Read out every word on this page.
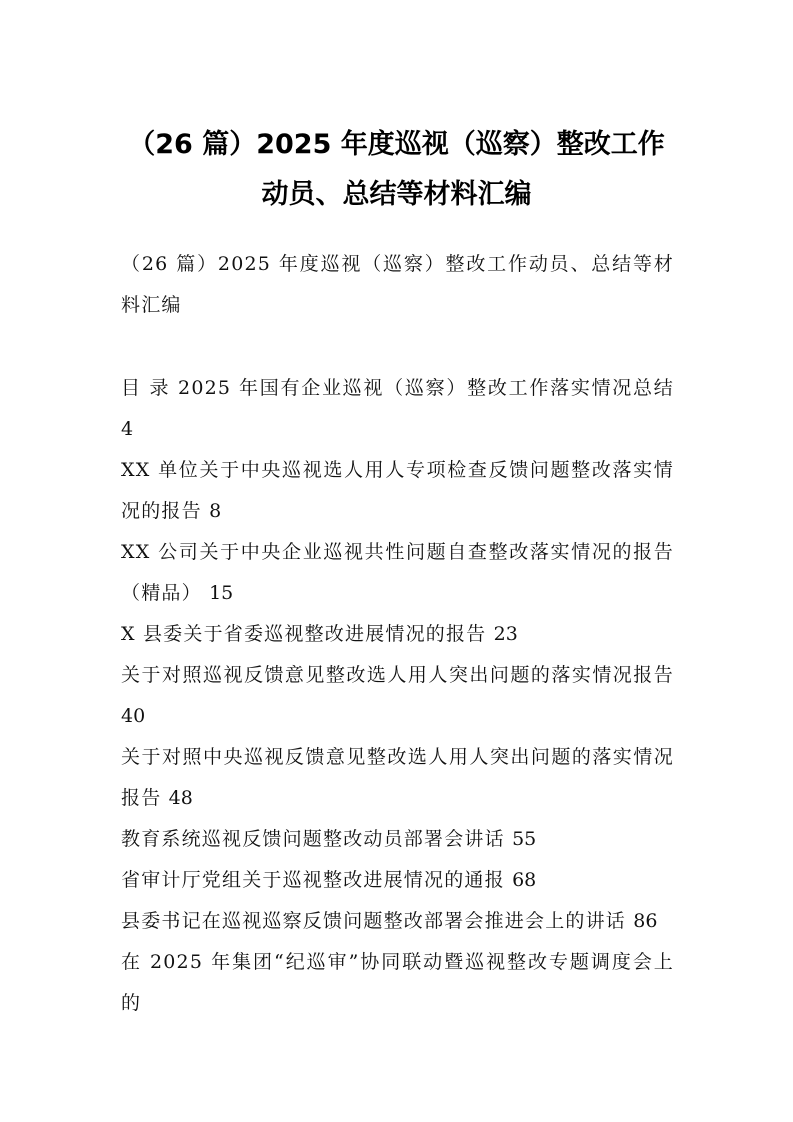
（26 篇）2025 年度巡视（巡察）整改工作
动员、总结等材料汇编
（26 篇）2025 年度巡视（巡察）整改工作动员、总结等材料汇编
目 录 2025 年国有企业巡视（巡察）整改工作落实情况总结 4
XX 单位关于中央巡视选人用人专项检查反馈问题整改落实情况的报告 8
XX 公司关于中央企业巡视共性问题自查整改落实情况的报告（精品） 15
X 县委关于省委巡视整改进展情况的报告 23
关于对照巡视反馈意见整改选人用人突出问题的落实情况报告 40
关于对照中央巡视反馈意见整改选人用人突出问题的落实情况报告 48
教育系统巡视反馈问题整改动员部署会讲话 55
省审计厅党组关于巡视整改进展情况的通报 68
县委书记在巡视巡察反馈问题整改部署会推进会上的讲话 86
在 2025 年集团“纪巡审”协同联动暨巡视整改专题调度会上的
